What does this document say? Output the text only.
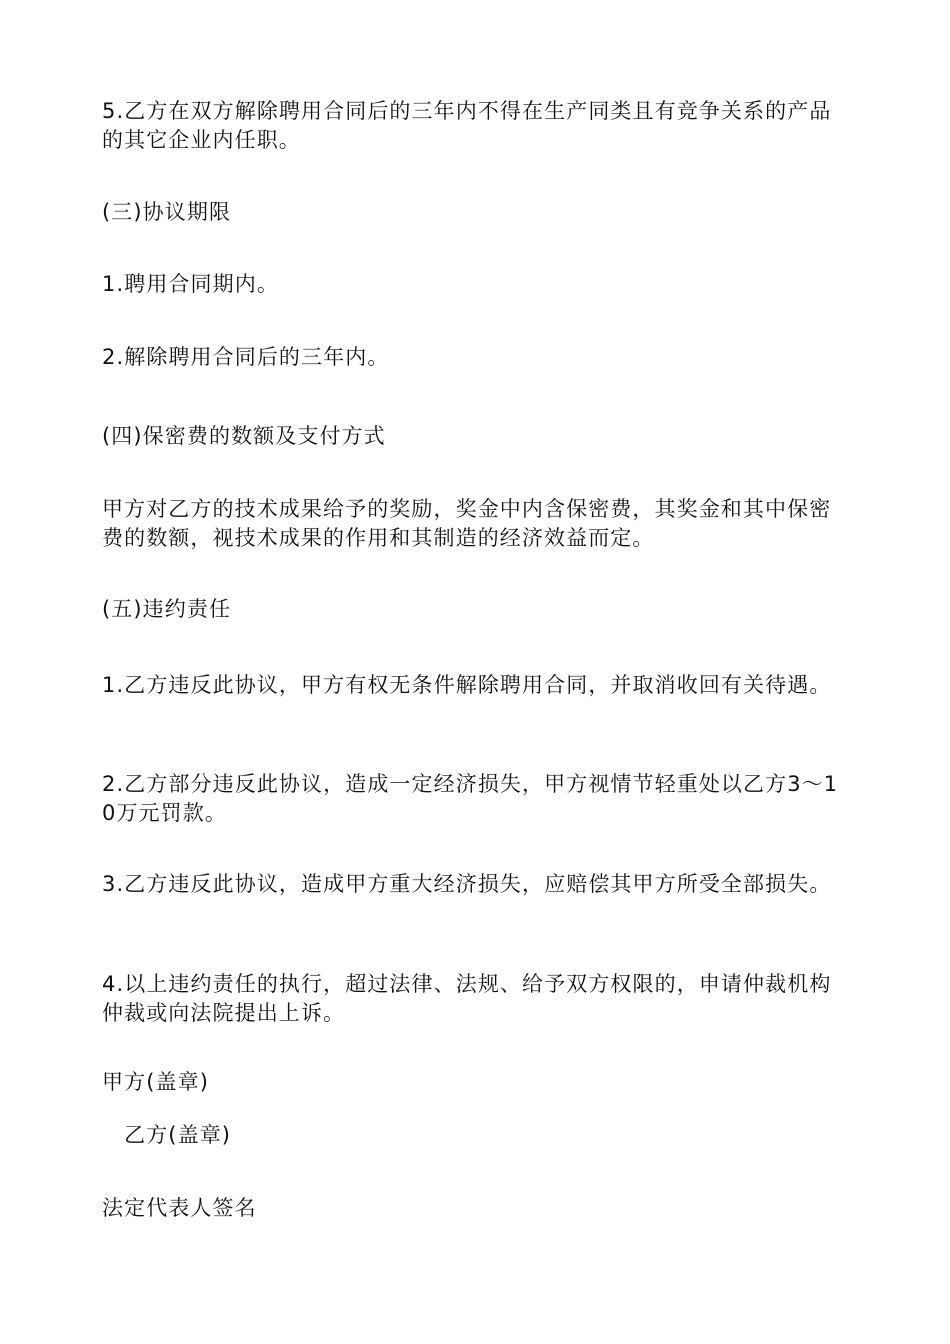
5.乙方在双方解除聘用合同后的三年内不得在生产同类且有竞争关系的产品的其它企业内任职。

(三)协议期限

1.聘用合同期内。

2.解除聘用合同后的三年内。

(四)保密费的数额及支付方式

甲方对乙方的技术成果给予的奖励，奖金中内含保密费，其奖金和其中保密费的数额，视技术成果的作用和其制造的经济效益而定。

(五)违约责任

1.乙方违反此协议，甲方有权无条件解除聘用合同，并取消收回有关待遇。

2.乙方部分违反此协议，造成一定经济损失，甲方视情节轻重处以乙方3～10万元罚款。

3.乙方违反此协议，造成甲方重大经济损失，应赔偿其甲方所受全部损失。

4.以上违约责任的执行，超过法律、法规、给予双方权限的，申请仲裁机构仲裁或向法院提出上诉。

甲方(盖章)

　乙方(盖章)

法定代表人签名
